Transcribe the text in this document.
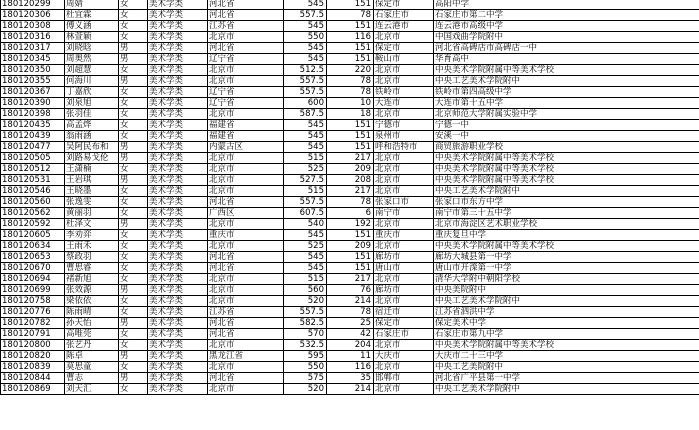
180120299	周婧	女	美术学类	河北省	545	151	保定市	高阳中学
180120306	杜宜霖	女	美术学类	河北省	557.5	78	石家庄市	石家庄市第二中学
180120308	傅义涵	女	美术学类	江苏省	545	151	连云港市	连云港市高级中学
180120316	林萱颖	女	美术学类	北京市	550	116	北京市	中国戏曲学院附中
180120317	刘晓晗	男	美术学类	河北省	545	151	保定市	河北省高碑店市高碑店一中
180120345	周奥然	男	美术学类	辽宁省	545	151	鞍山市	华育高中
180120350	刘超慧	女	美术学类	北京市	512.5	220	北京市	中央美术学院附属中等美术学校
180120355	何海川	男	美术学类	北京市	557.5	78	北京市	中央工艺美术学院附中
180120367	丁嘉欣	女	美术学类	辽宁省	557.5	78	铁岭市	铁岭市第四高级中学
180120390	刘泉旭	女	美术学类	辽宁省	600	10	大连市	大连市第十五中学
180120398	张羽佳	女	美术学类	北京市	587.5	18	北京市	北京师范大学附属实验中学
180120435	高孟烨	女	美术学类	福建省	545	151	宁德市	宁德一中
180120439	翁雨涵	女	美术学类	福建省	545	151	泉州市	安溪一中
180120477	吴阿民布和	男	美术学类	内蒙古区	545	151	呼和浩特市	商贸旅游职业学校
180120505	刘路易戈伦	男	美术学类	北京市	515	217	北京市	中央美术学院附属中等美术学校
180120512	王潇楠	女	美术学类	北京市	525	209	北京市	中央美术学院附属中等美术学校
180120531	王岩琪	男	美术学类	北京市	527.5	208	北京市	中央美术学院附属中等美术学校
180120546	王晓墨	女	美术学类	北京市	515	217	北京市	中央工艺美术学院附中
180120560	张逸雯	女	美术学类	河北省	557.5	78	张家口市	张家口市东方中学
180120562	黄丽羽	女	美术学类	广西区	607.5	6	南宁市	南宁市第三十五中学
180120592	杜泽文	男	美术学类	北京市	540	192	北京市	北京市海淀区艺术职业学校
180120605	李劝弈	女	美术学类	重庆市	545	151	重庆市	重庆复旦中学
180120634	王雨禾	女	美术学类	北京市	525	209	北京市	中央美术学院附属中等美术学校
180120653	蔡政羽	女	美术学类	河北省	545	151	廊坊市	廊坊大城县第一中学
180120670	曹思睿	女	美术学类	河北省	545	151	唐山市	唐山市开滦第一中学
180120694	褚新旭	女	美术学类	北京市	515	217	北京市	清华大学附中朝阳学校
180120699	张效源	男	美术学类	北京市	560	76	廊坊市	中央美院附中
180120758	梁依依	女	美术学类	北京市	520	214	北京市	中央工艺美术学院附中
180120776	陈雨晴	女	美术学类	江苏省	557.5	78	宿迁市	江苏省泗洪中学
180120782	孙天怡	男	美术学类	河北省	582.5	25	保定市	保定美术中学
180120791	高唯莞	女	美术学类	河北省	570	42	石家庄市	石家庄市第九中学
180120800	张艺丹	女	美术学类	北京市	532.5	204	北京市	中央美术学院附属中等美术学校
180120820	陈卓	男	美术学类	黑龙江省	595	11	大庆市	大庆市二十三中学
180120839	莫思童	女	美术学类	北京市	550	116	北京市	中央工艺美院附中
180120844	曹志	男	美术学类	河北省	575	35	邯郸市	河北省广平县第一中学
180120869	刘天汇	女	美术学类	北京市	520	214	北京市	中央工艺美术学院附中
